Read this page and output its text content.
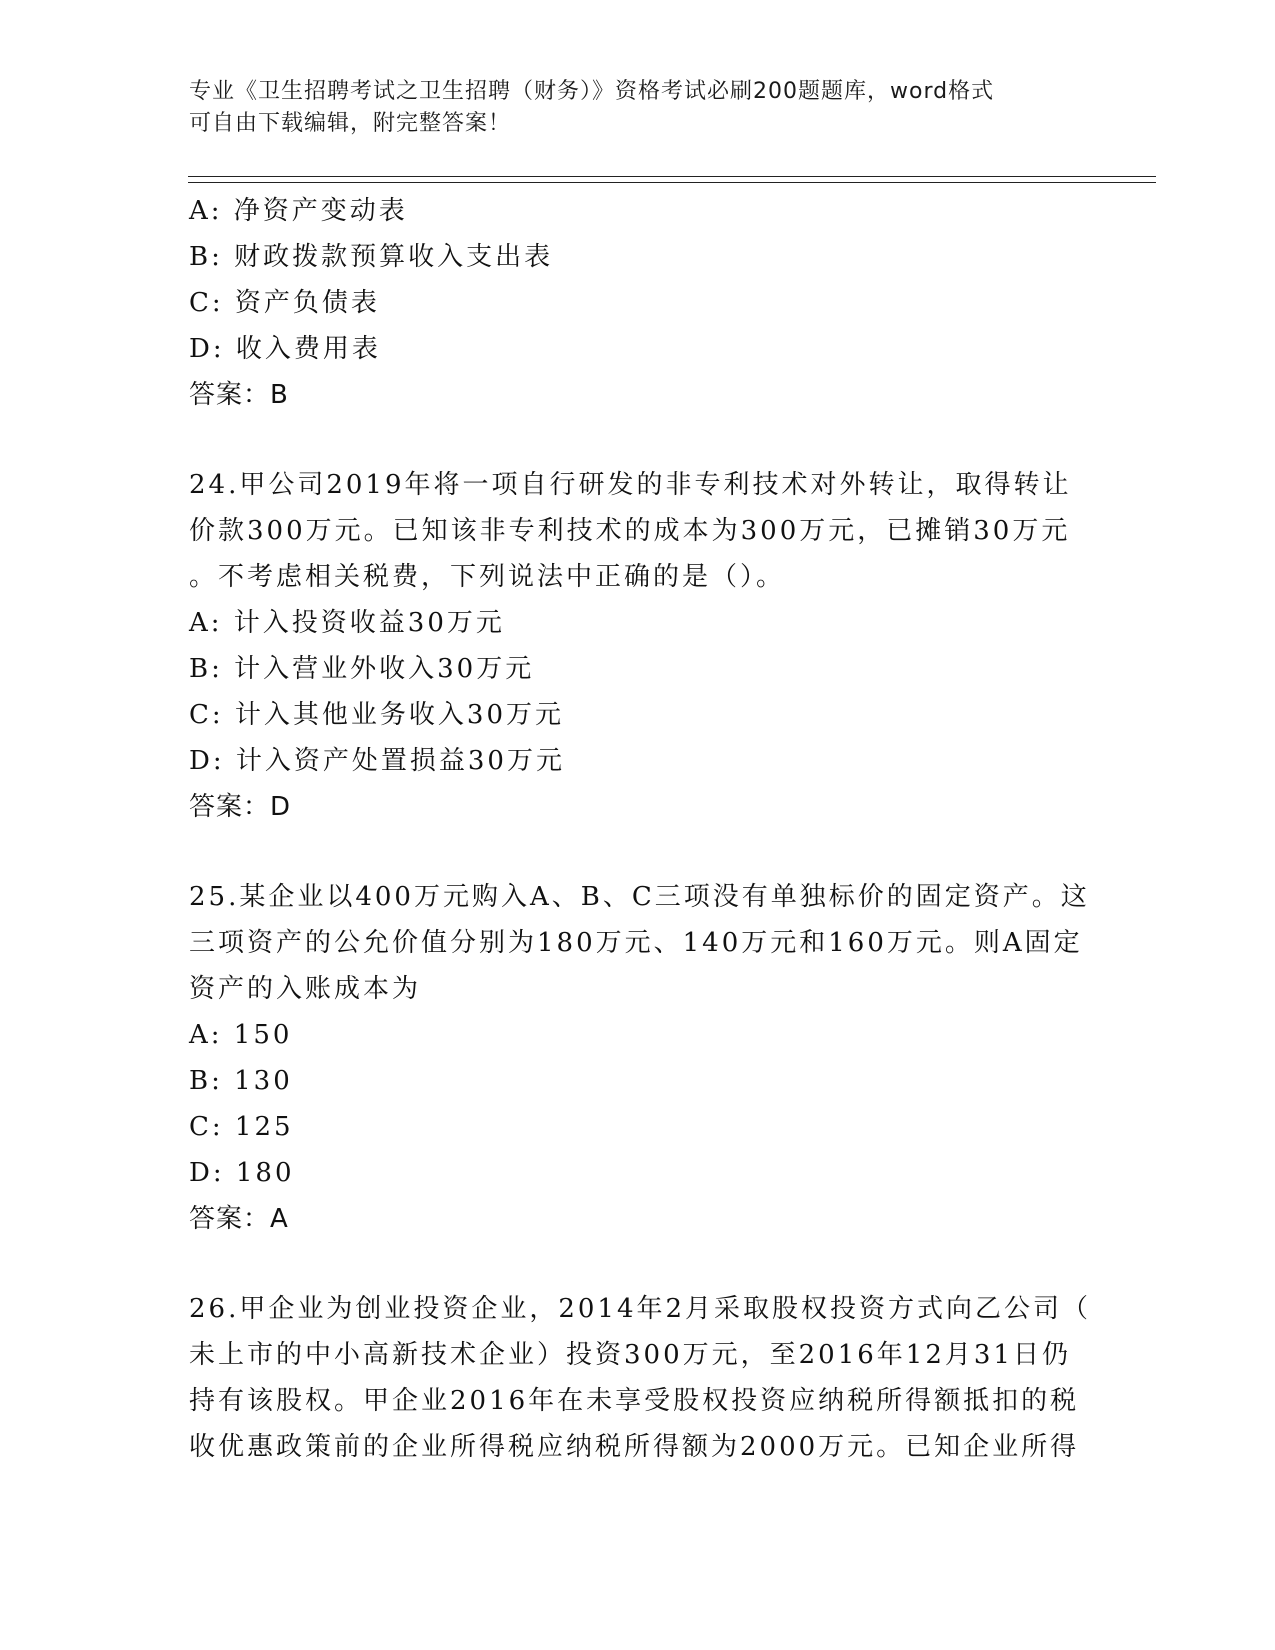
专业《卫生招聘考试之卫生招聘（财务）》资格考试必刷200题题库，word格式
可自由下载编辑，附完整答案！
A: 净资产变动表
B: 财政拨款预算收入支出表
C: 资产负债表
D: 收入费用表
答案：B
24.甲公司2019年将一项自行研发的非专利技术对外转让，取得转让
价款300万元。已知该非专利技术的成本为300万元，已摊销30万元
。不考虑相关税费，下列说法中正确的是（）。
A: 计入投资收益30万元
B: 计入营业外收入30万元
C: 计入其他业务收入30万元
D: 计入资产处置损益30万元
答案：D
25.某企业以400万元购入A、B、C三项没有单独标价的固定资产。这
三项资产的公允价值分别为180万元、140万元和160万元。则A固定
资产的入账成本为
A: 150
B: 130
C: 125
D: 180
答案：A
26.甲企业为创业投资企业，2014年2月采取股权投资方式向乙公司（
未上市的中小高新技术企业）投资300万元，至2016年12月31日仍
持有该股权。甲企业2016年在未享受股权投资应纳税所得额抵扣的税
收优惠政策前的企业所得税应纳税所得额为2000万元。已知企业所得
